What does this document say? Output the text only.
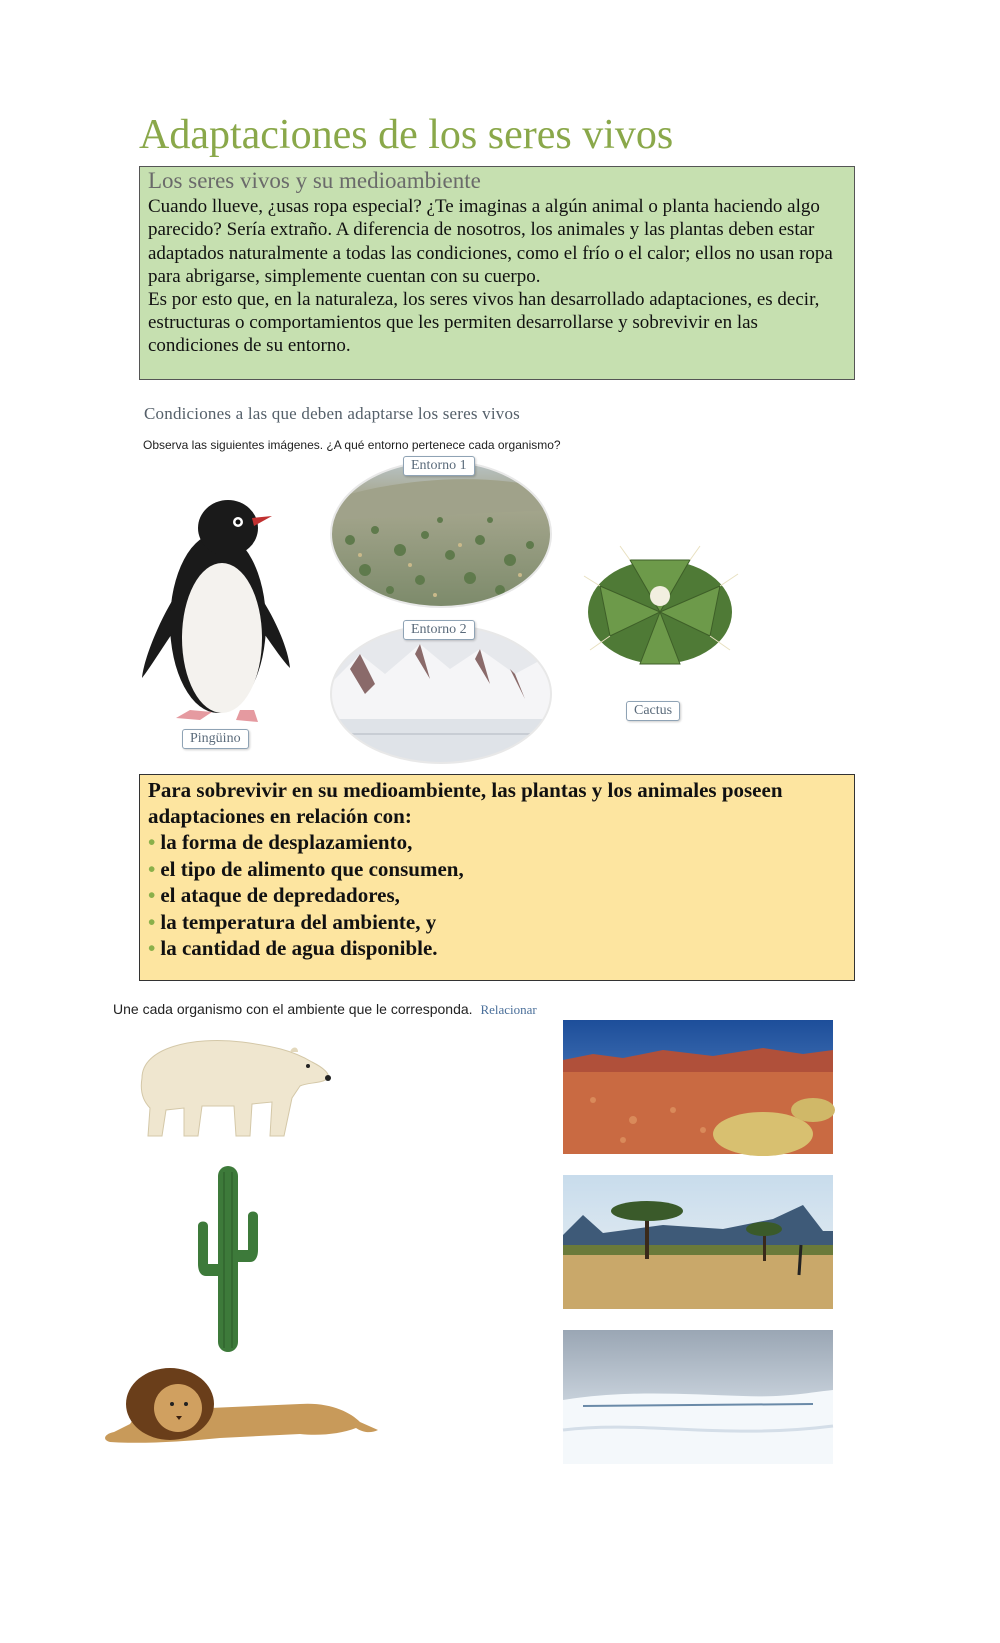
Adaptaciones de los seres vivos
Los seres vivos y su medioambiente

Cuando llueve, ¿usas ropa especial? ¿Te imaginas a algún animal o planta haciendo algo parecido? Sería extraño. A diferencia de nosotros, los animales y las plantas deben estar adaptados naturalmente a todas las condiciones, como el frío o el calor; ellos no usan ropa para abrigarse, simplemente cuentan con su cuerpo.

Es por esto que, en la naturaleza, los seres vivos han desarrollado adaptaciones, es decir, estructuras o comportamientos que les permiten desarrollarse y sobrevivir en las condiciones de su entorno.

Condiciones a las que deben adaptarse los seres vivos
Observa las siguientes imágenes. ¿A qué entorno pertenece cada organismo?
Pingüino
Entorno 1
Entorno 2
Cactus
Para sobrevivir en su medioambiente, las plantas y los animales poseen adaptaciones en relación con:
• la forma de desplazamiento,
• el tipo de alimento que consumen,
• el ataque de depredadores,
• la temperatura del ambiente, y
• la cantidad de agua disponible.
Une cada organismo con el ambiente que le corresponda. Relacionar
